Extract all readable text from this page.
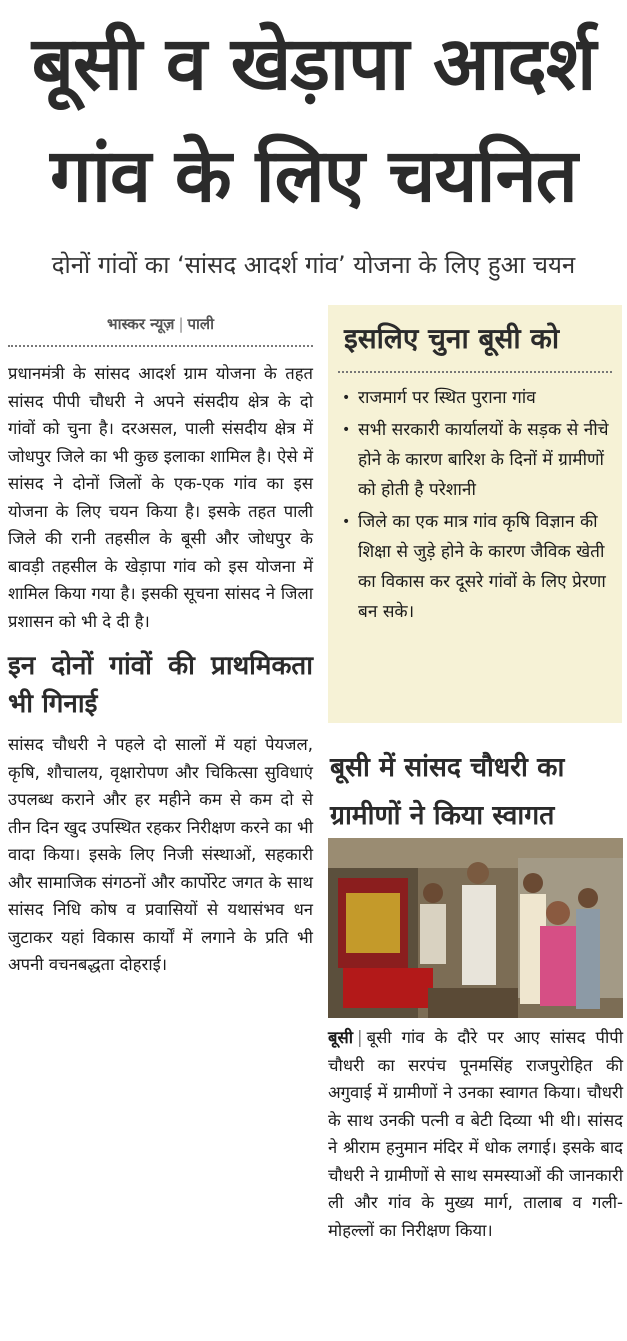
बूसी व खेड़ापा आदर्श
गांव के लिए चयनित
दोनों गांवों का ‘सांसद आदर्श गांव’ योजना के लिए हुआ चयन
भास्कर न्यूज़ | पाली

प्रधानमंत्री के सांसद आदर्श ग्राम योजना के तहत सांसद पीपी चौधरी ने अपने संसदीय क्षेत्र के दो गांवों को चुना है। दरअसल, पाली संसदीय क्षेत्र में जोधपुर जिले का भी कुछ इलाका शामिल है। ऐसे में सांसद ने दोनों जिलों के एक-एक गांव का इस योजना के लिए चयन किया है। इसके तहत पाली जिले की रानी तहसील के बूसी और जोधपुर के बावड़ी तहसील के खेड़ापा गांव को इस योजना में शामिल किया गया है। इसकी सूचना सांसद ने जिला प्रशासन को भी दे दी है।

इन दोनों गांवों की प्राथमिकता भी गिनाई

सांसद चौधरी ने पहले दो सालों में यहां पेयजल, कृषि, शौचालय, वृक्षारोपण और चिकित्सा सुविधाएं उपलब्ध कराने और हर महीने कम से कम दो से तीन दिन खुद उपस्थित रहकर निरीक्षण करने का भी वादा किया। इसके लिए निजी संस्थाओं, सहकारी और सामाजिक संगठनों और कार्पोरेट जगत के साथ सांसद निधि कोष व प्रवासियों से यथासंभव धन जुटाकर यहां विकास कार्यों में लगाने के प्रति भी अपनी वचनबद्धता दोहराई।

इसलिए चुना बूसी को
• राजमार्ग पर स्थित पुराना गांव
• सभी सरकारी कार्यालयों के सड़क से नीचे होने के कारण बारिश के दिनों में ग्रामीणों को होती है परेशानी
• जिले का एक मात्र गांव कृषि विज्ञान की शिक्षा से जुड़े होने के कारण जैविक खेती का विकास कर दूसरे गांवों के लिए प्रेरणा बन सके।
बूसी में सांसद चौधरी का
ग्रामीणों ने किया स्वागत
बूसी | बूसी गांव के दौरे पर आए सांसद पीपी चौधरी का सरपंच पूनमसिंह राजपुरोहित की अगुवाई में ग्रामीणों ने उनका स्वागत किया। चौधरी के साथ उनकी पत्नी व बेटी दिव्या भी थी। सांसद ने श्रीराम हनुमान मंदिर में धोक लगाई। इसके बाद चौधरी ने ग्रामीणों से साथ समस्याओं की जानकारी ली और गांव के मुख्य मार्ग, तालाब व गली-मोहल्लों का निरीक्षण किया।
